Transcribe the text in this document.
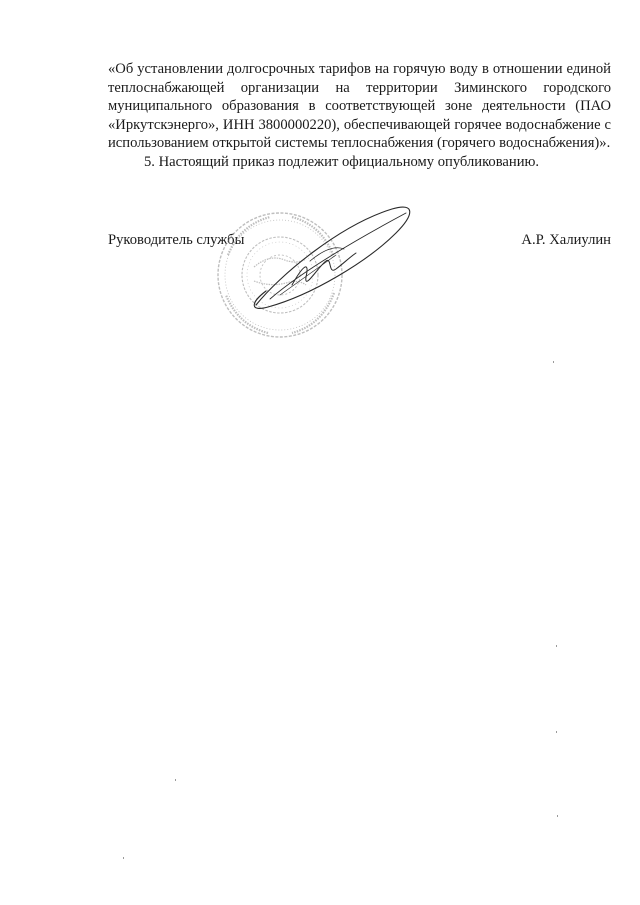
«Об установлении долгосрочных тарифов на горячую воду в отношении единой теплоснабжающей организации на территории Зиминского городского муниципального образования в соответствующей зоне деятельности (ПАО «Иркутскэнерго», ИНН 3800000220), обеспечивающей горячее водоснабжение с использованием открытой системы теплоснабжения (горячего водоснабжения)».

5. Настоящий приказ подлежит официальному опубликованию.

Руководитель службы	А.Р. Халиулин
